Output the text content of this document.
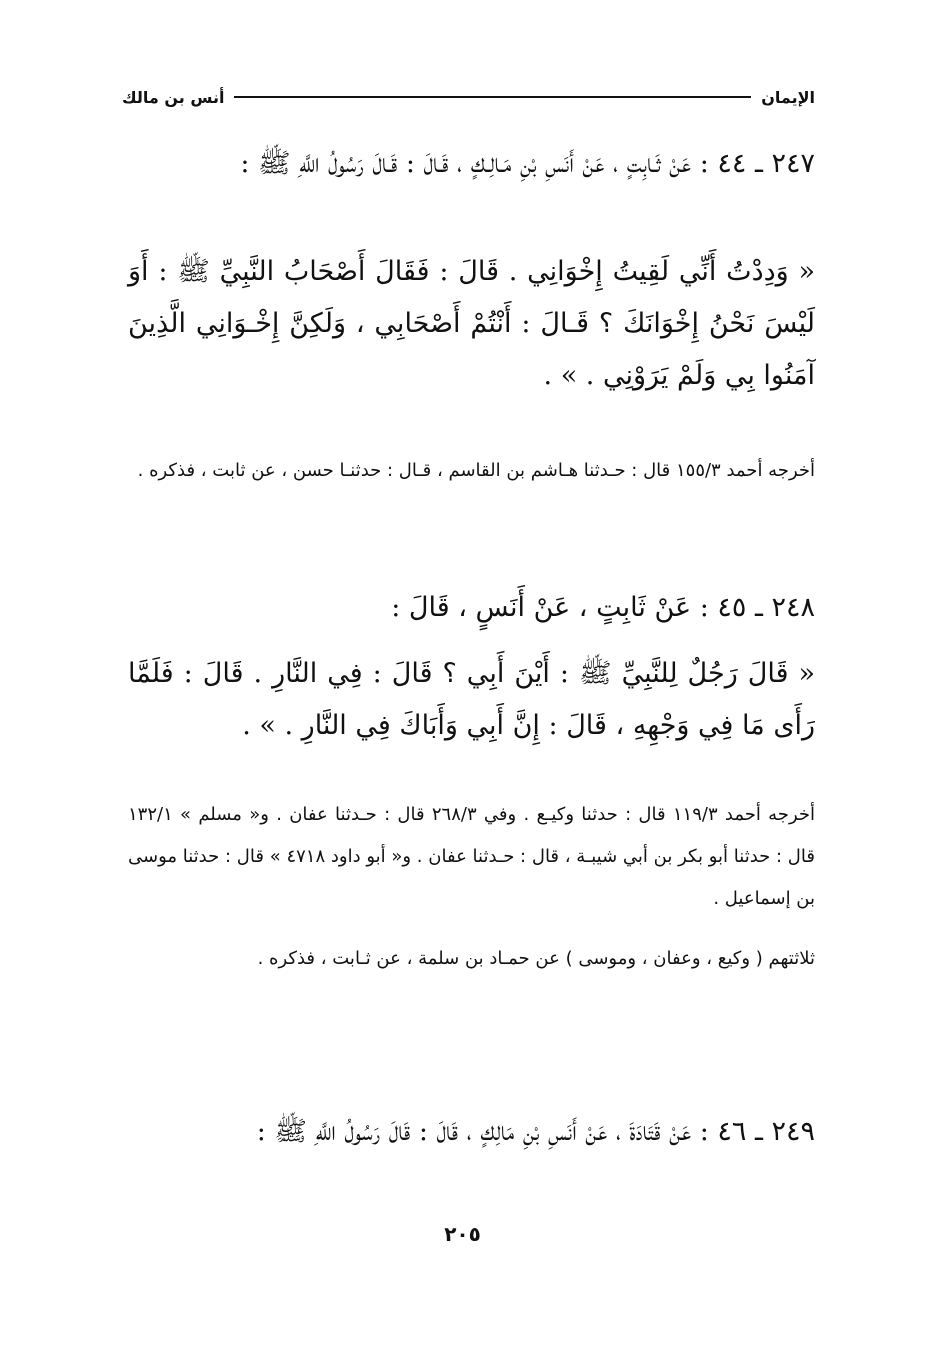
الإيمان
أنس بن مالك

٢٤٧ ـ ٤٤ : عَنْ ثَـابِتٍ ، عَنْ أَنَسِ بْنِ مَـالِـكٍ ، قَـالَ : قَـالَ رَسُولُ اللَّهِ ﷺ :

« وَدِدْتُ أَنِّي لَقِيتُ إِخْوَانِي . قَالَ : فَقَالَ أَصْحَابُ النَّبِيِّ ﷺ : أَوَ لَيْسَ نَحْنُ إِخْوَانَكَ ؟ قَـالَ : أَنْتُمْ أَصْحَابِي ، وَلَكِنَّ إِخْـوَانِي الَّذِينَ آمَنُوا بِي وَلَمْ يَرَوْنِي . » .

أخرجه أحمد ١٥٥/٣ قال : حـدثنا هـاشم بن القاسم ، قـال : حدثنـا حسن ، عن ثابت ، فذكره .

٢٤٨ ـ ٤٥ : عَنْ ثَابِتٍ ، عَنْ أَنَسٍ ، قَالَ :

« قَالَ رَجُلٌ لِلنَّبِيِّ ﷺ : أَيْنَ أَبِي ؟ قَالَ : فِي النَّارِ . قَالَ : فَلَمَّا رَأَى مَا فِي وَجْهِهِ ، قَالَ : إِنَّ أَبِي وَأَبَاكَ فِي النَّارِ . » .

أخرجه أحمد ١١٩/٣ قال : حدثنا وكيـع . وفي ٢٦٨/٣ قال : حـدثنا عفان . و« مسلم » ١٣٢/١ قال : حدثنا أبو بكر بن أبي شيبـة ، قال : حـدثنا عفان . و« أبو داود ٤٧١٨ » قال : حدثنا موسى بن إسماعيل .

ثلاثتهم ( وكيع ، وعفان ، وموسى ) عن حمـاد بن سلمة ، عن ثـابت ، فذكره .

٢٤٩ ـ ٤٦ : عَنْ قَتَادَةَ ، عَنْ أَنَسِ بْنِ مَالِكٍ ، قَالَ : قَالَ رَسُولُ اللَّهِ ﷺ :

٢٠٥
